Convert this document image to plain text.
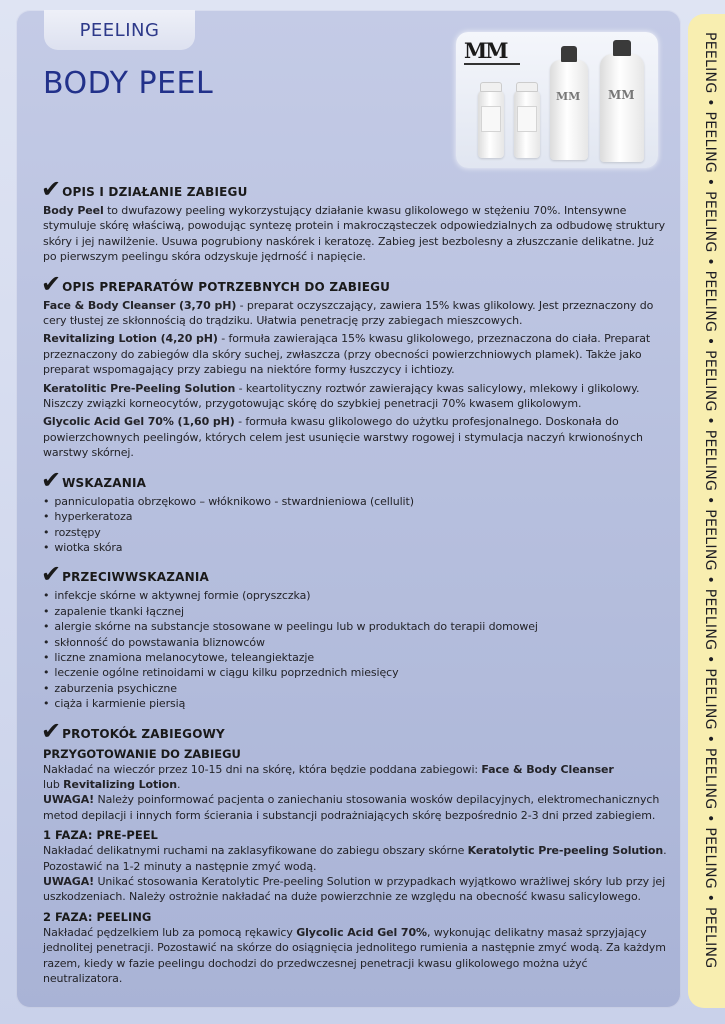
PEELING
BODY PEEL
MM
MM MM	PEELING • PEELING • PEELING • PEELING • PEELING • PEELING • PEELING • PEELING • PEELING • PEELING • PEELING • PEELING
✔ OPIS I DZIAŁANIE ZABIEGU

Body Peel to dwufazowy peeling wykorzystujący działanie kwasu glikolowego w stężeniu 70%. Intensywne stymuluje skórę właściwą, powodując syntezę protein i makrocząsteczek odpowiedzialnych za odbudowę struktury skóry i jej nawilżenie. Usuwa pogrubiony naskórek i keratozę. Zabieg jest bezbolesny a złuszczanie delikatne. Już po pierwszym peelingu skóra odzyskuje jędrność i napięcie.

✔ OPIS PREPARATÓW POTRZEBNYCH DO ZABIEGU

Face & Body Cleanser (3,70 pH) - preparat oczyszczający, zawiera 15% kwas glikolowy. Jest przeznaczony do cery tłustej ze skłonnością do trądziku. Ułatwia penetrację przy zabiegach mieszcowych.

Revitalizing Lotion (4,20 pH) - formuła zawierająca 15% kwasu glikolowego, przeznaczona do ciała. Preparat przeznaczony do zabiegów dla skóry suchej, zwłaszcza (przy obecności powierzchniowych plamek). Także jako preparat wspomagający przy zabiegu na niektóre formy łuszczycy i ichtiozy.

Keratolitic Pre-Peeling Solution - keartolityczny roztwór zawierający kwas salicylowy, mlekowy i glikolowy. Niszczy związki korneocytów, przygotowując skórę do szybkiej penetracji 70% kwasem glikolowym.

Glycolic Acid Gel 70% (1,60 pH) - formuła kwasu glikolowego do użytku profesjonalnego. Doskonała do powierzchownych peelingów, których celem jest usunięcie warstwy rogowej i stymulacja naczyń krwionośnych warstwy skórnej.

✔ WSKAZANIA
• panniculopatia obrzękowo – włóknikowo - stwardnieniowa (cellulit)
• hyperkeratoza
• rozstępy
• wiotka skóra
✔ PRZECIWWSKAZANIA
• infekcje skórne w aktywnej formie (opryszczka)
• zapalenie tkanki łącznej
• alergie skórne na substancje stosowane w peelingu lub w produktach do terapii domowej
• skłonność do powstawania bliznowców
• liczne znamiona melanocytowe, teleangiektazje
• leczenie ogólne retinoidami w ciągu kilku poprzednich miesięcy
• zaburzenia psychiczne
• ciąża i karmienie piersią
✔ PROTOKÓŁ ZABIEGOWY
PRZYGOTOWANIE DO ZABIEGU

Nakładać na wieczór przez 10-15 dni na skórę, która będzie poddana zabiegowi: Face & Body Cleanser
lub Revitalizing Lotion.
UWAGA! Należy poinformować pacjenta o zaniechaniu stosowania wosków depilacyjnych, elektromechanicznych metod depilacji i innych form ścierania i substancji podrażniających skórę bezpośrednio 2-3 dni przed zabiegiem.

1 FAZA: PRE-PEEL

Nakładać delikatnymi ruchami na zaklasyfikowane do zabiegu obszary skórne Keratolytic Pre-peeling Solution. Pozostawić na 1-2 minuty a następnie zmyć wodą.
UWAGA! Unikać stosowania Keratolytic Pre-peeling Solution w przypadkach wyjątkowo wrażliwej skóry lub przy jej uszkodzeniach. Należy ostrożnie nakładać na duże powierzchnie ze względu na obecność kwasu salicylowego.

2 FAZA: PEELING

Nakładać pędzelkiem lub za pomocą rękawicy Glycolic Acid Gel 70%, wykonując delikatny masaż sprzyjający jednolitej penetracji. Pozostawić na skórze do osiągnięcia jednolitego rumienia a następnie zmyć wodą. Za każdym razem, kiedy w fazie peelingu dochodzi do przedwczesnej penetracji kwasu glikolowego można użyć neutralizatora.
